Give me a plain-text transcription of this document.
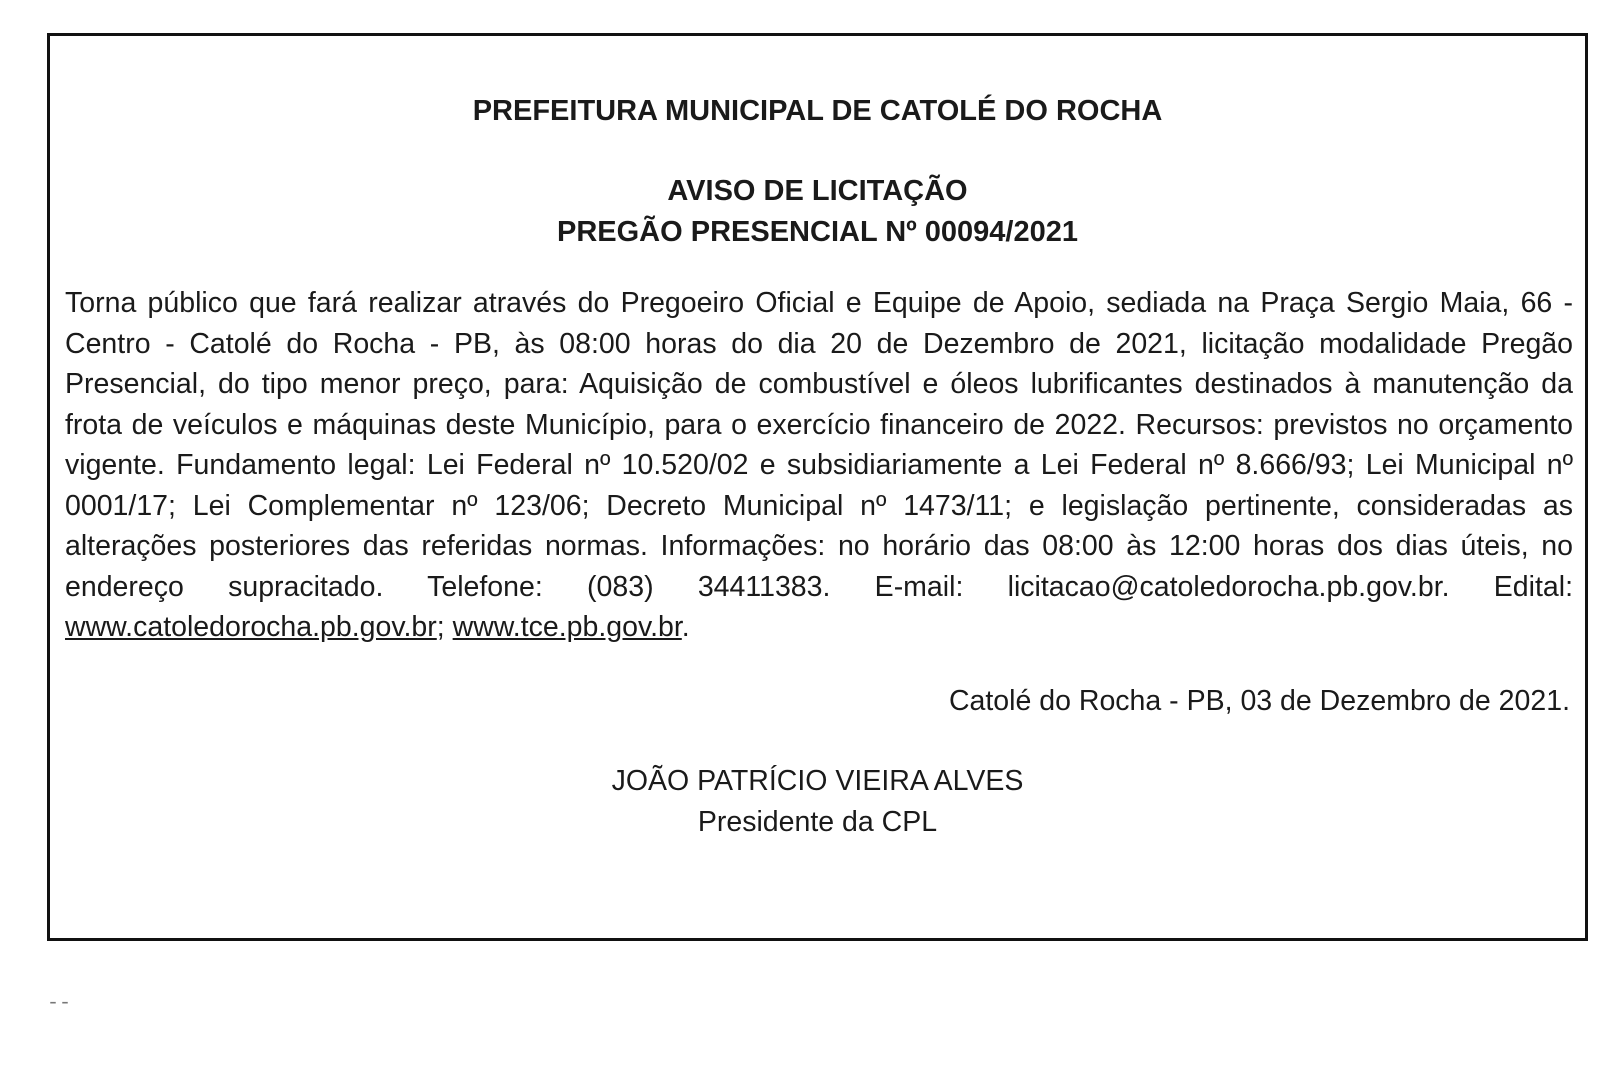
PREFEITURA MUNICIPAL DE CATOLÉ DO ROCHA

AVISO DE LICITAÇÃO

PREGÃO PRESENCIAL Nº 00094/2021

Torna público que fará realizar através do Pregoeiro Oficial e Equipe de Apoio, sediada na Praça Sergio Maia, 66 - Centro - Catolé do Rocha - PB, às 08:00 horas do dia 20 de Dezembro de 2021, licitação modalidade Pregão Presencial, do tipo menor preço, para: Aquisição de combustível e óleos lubrificantes destinados à manutenção da frota de veículos e máquinas deste Município, para o exercício financeiro de 2022. Recursos: previstos no orçamento vigente. Fundamento legal: Lei Federal nº 10.520/02 e subsidiariamente a Lei Federal nº 8.666/93; Lei Municipal nº 0001/17; Lei Complementar nº 123/06; Decreto Municipal nº 1473/11; e legislação pertinente, consideradas as alterações posteriores das referidas normas. Informações: no horário das 08:00 às 12:00 horas dos dias úteis, no endereço supracitado. Telefone: (083) 34411383. E-mail: licitacao@catoledorocha.pb.gov.br. Edital: www.catoledorocha.pb.gov.br; www.tce.pb.gov.br.

Catolé do Rocha - PB, 03 de Dezembro de 2021.

JOÃO PATRÍCIO VIEIRA ALVES

Presidente da CPL

--
